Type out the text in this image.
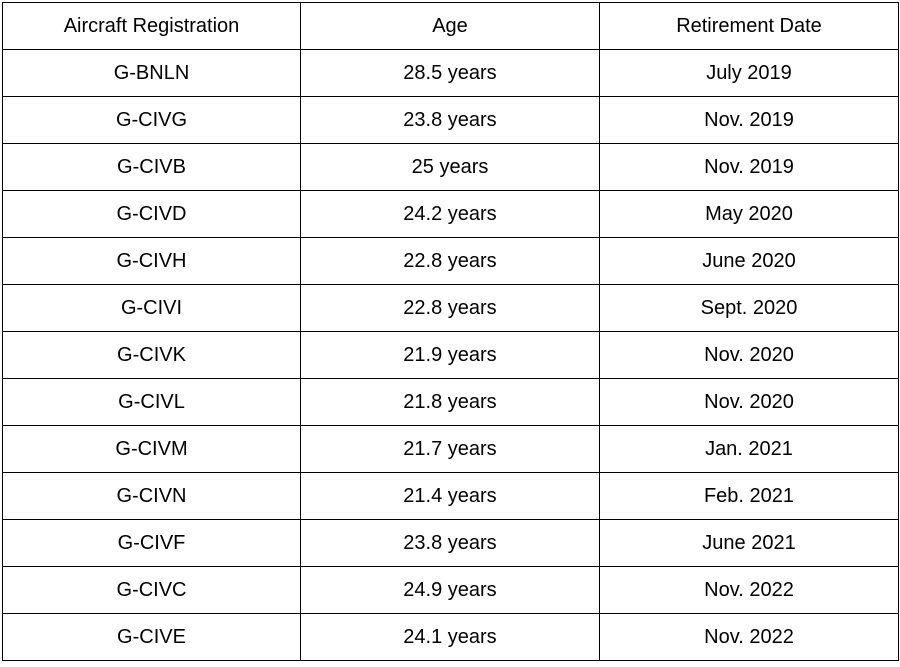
Aircraft Registration	Age	Retirement Date
G-BNLN	28.5 years	July 2019
G-CIVG	23.8 years	Nov. 2019
G-CIVB	25 years	Nov. 2019
G-CIVD	24.2 years	May 2020
G-CIVH	22.8 years	June 2020
G-CIVI	22.8 years	Sept. 2020
G-CIVK	21.9 years	Nov. 2020
G-CIVL	21.8 years	Nov. 2020
G-CIVM	21.7 years	Jan. 2021
G-CIVN	21.4 years	Feb. 2021
G-CIVF	23.8 years	June 2021
G-CIVC	24.9 years	Nov. 2022
G-CIVE	24.1 years	Nov. 2022
